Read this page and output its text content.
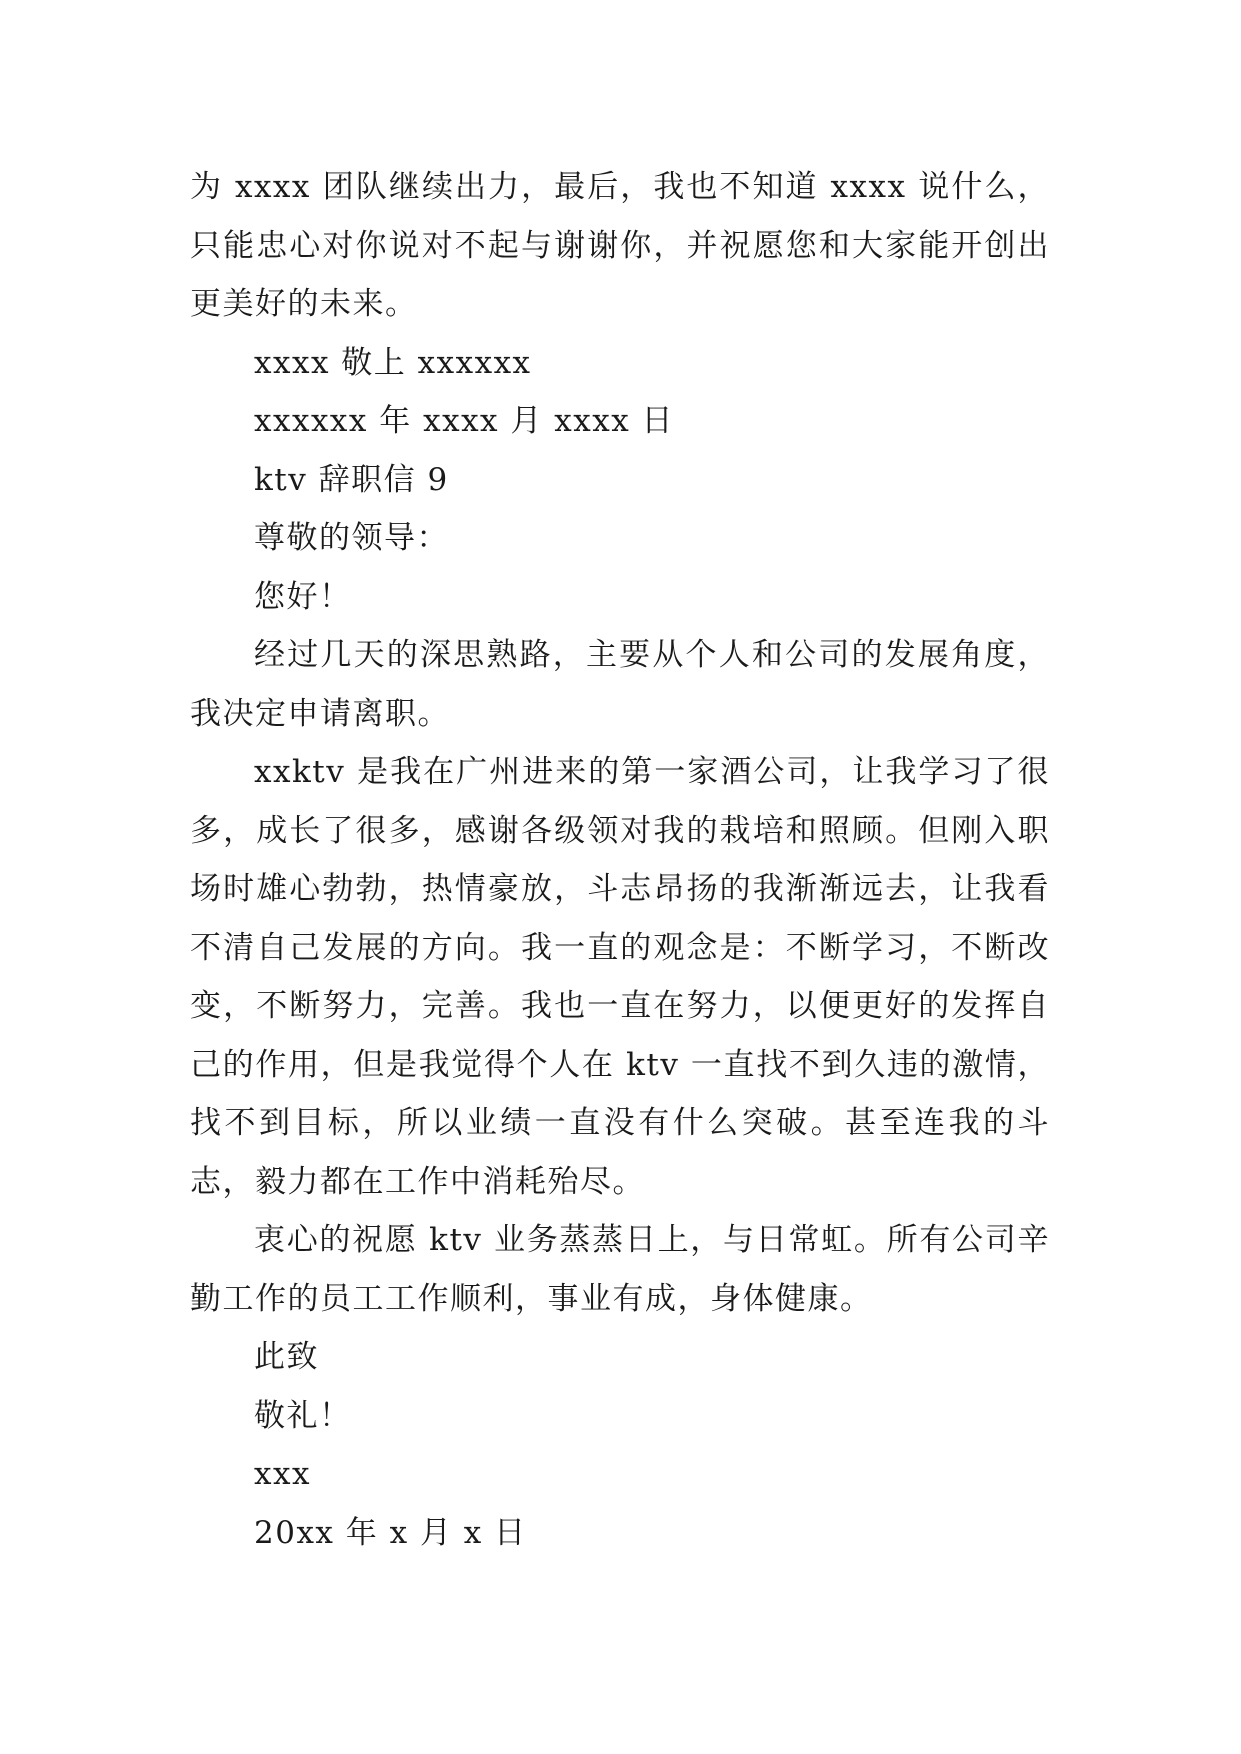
为 xxxx 团队继续出力，最后，我也不知道 xxxx 说什么，只能忠心对你说对不起与谢谢你，并祝愿您和大家能开创出更美好的未来。

xxxx 敬上 xxxxxx

xxxxxx 年 xxxx 月 xxxx 日

ktv 辞职信 9

尊敬的领导：

您好！

经过几天的深思熟路，主要从个人和公司的发展角度，我决定申请离职。

xxktv 是我在广州进来的第一家酒公司，让我学习了很多，成长了很多，感谢各级领对我的栽培和照顾。但刚入职场时雄心勃勃，热情豪放，斗志昂扬的我渐渐远去，让我看不清自己发展的方向。我一直的观念是：不断学习，不断改变，不断努力，完善。我也一直在努力，以便更好的发挥自己的作用，但是我觉得个人在 ktv 一直找不到久违的激情，找不到目标，所以业绩一直没有什么突破。甚至连我的斗志，毅力都在工作中消耗殆尽。

衷心的祝愿 ktv 业务蒸蒸日上，与日常虹。所有公司辛勤工作的员工工作顺利，事业有成，身体健康。

此致

敬礼！

xxx

20xx 年 x 月 x 日
